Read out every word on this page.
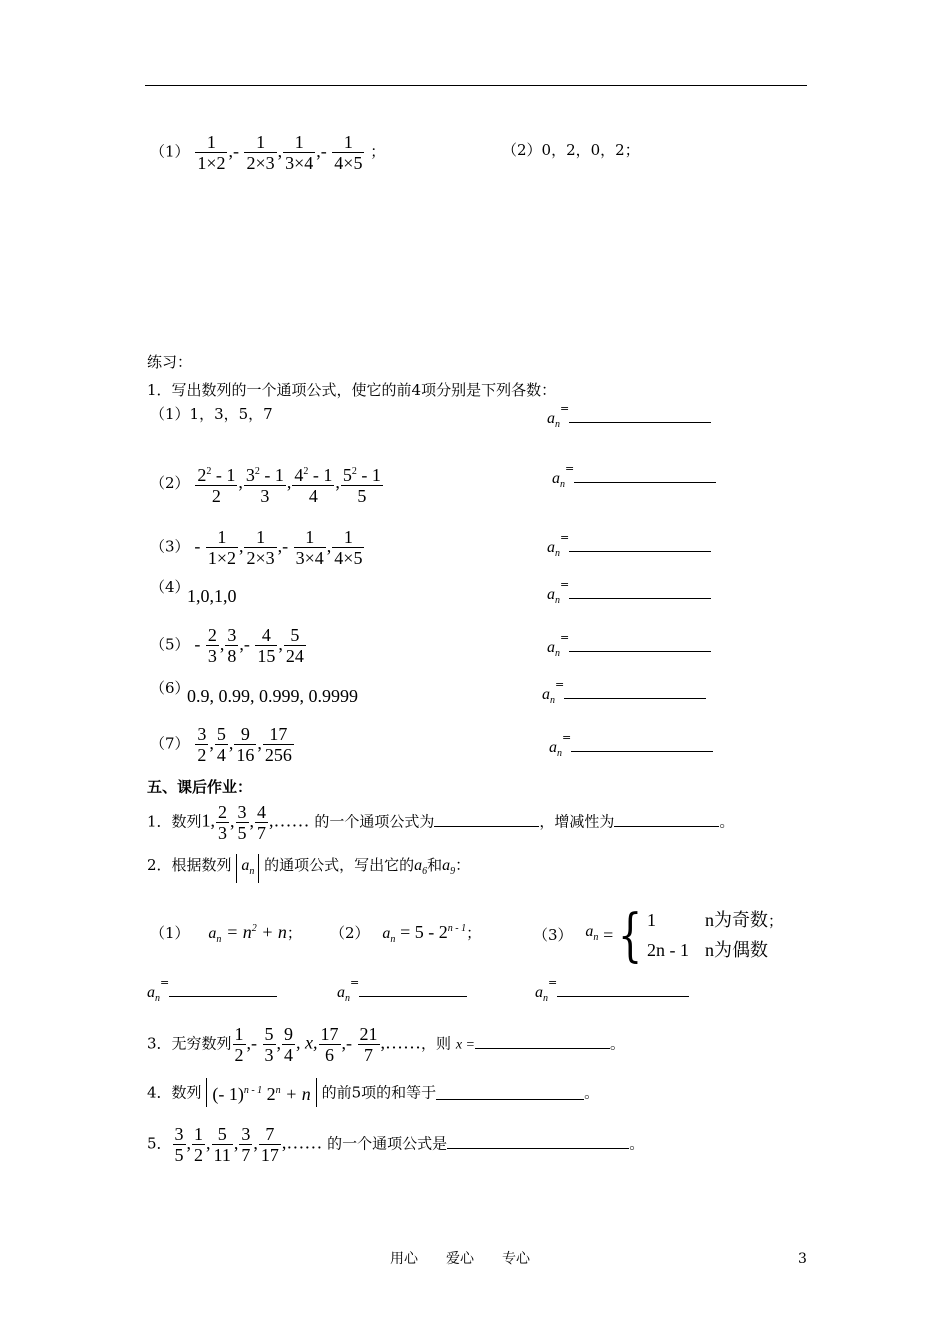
$(1) \frac{1}{1\times 2}$ ,- $\frac{1}{2\times 3}$ , $\frac{1}{3\times 4}$ ,- $\frac{1}{4\times 5}$ ；	（2）0，2，0，2；
练习：
1．写出数列的一个通项公式，使它的前4项分别是下列各数：
（1）1，3，5，7
$(2) \frac{2^2 - 1}{2}$ , $\frac{3^2 - 1}{3}$ , $\frac{4^2 - 1}{4}$ , $\frac{5^2 - 1}{5}$
$(3) - \frac{1}{1\times 2}$ , $\frac{1}{2\times 3}$ ,- $\frac{1}{3\times 4}$ , $\frac{1}{4\times 5}$
（4）
1,0,1,0
$(5) - \frac{2}{3}$ , $\frac{3}{8}$ ,- $\frac{4}{15}$ , $\frac{5}{24}$
（6）
0.9, 0.99, 0.999, 0.9999
$(7) \frac{3}{2}$ , $\frac{5}{4}$ , $\frac{9}{16}$ , $\frac{17}{256}$
$a_n^=$
$a_n^=$
$a_n^=$
$a_n^=$
$a_n^=$
$a_n^=$
$a_n^=$
五、课后作业：
1．数列1, $\frac{2}{3}$ , $\frac{3}{5}$ , $\frac{4}{7}$ ,…… 的一个通项公式为	，增减性为	。
2．根据数列 $a_n$ 的通项公式，写出它的$a_6$和$a_9$：
（1） $a_n = n^2 + n$； （2） $a_n = 5 - 2^{n - 1}$；	（3） $a_n$ = { 1	n为奇数；
2n - 1 n为偶数
$a_n^=$
$a_n^=$
$a_n^=$
3．无穷数列 $\frac{1}{2}$ ,- $\frac{5}{3}$ , $\frac{9}{4}$ , x, $\frac{17}{6}$ ,- $\frac{21}{7}$ ,……，则 x =	。
4．数列 (- 1)$^{n - 1}$ $2^n + n$ 的前5项的和等于	。
5． $\frac{3}{5}$ , $\frac{1}{2}$ , $\frac{5}{11}$ , $\frac{3}{7}$ , $\frac{7}{17}$ ,…… 的一个通项公式是	。
用心　　爱心　　专心	3
